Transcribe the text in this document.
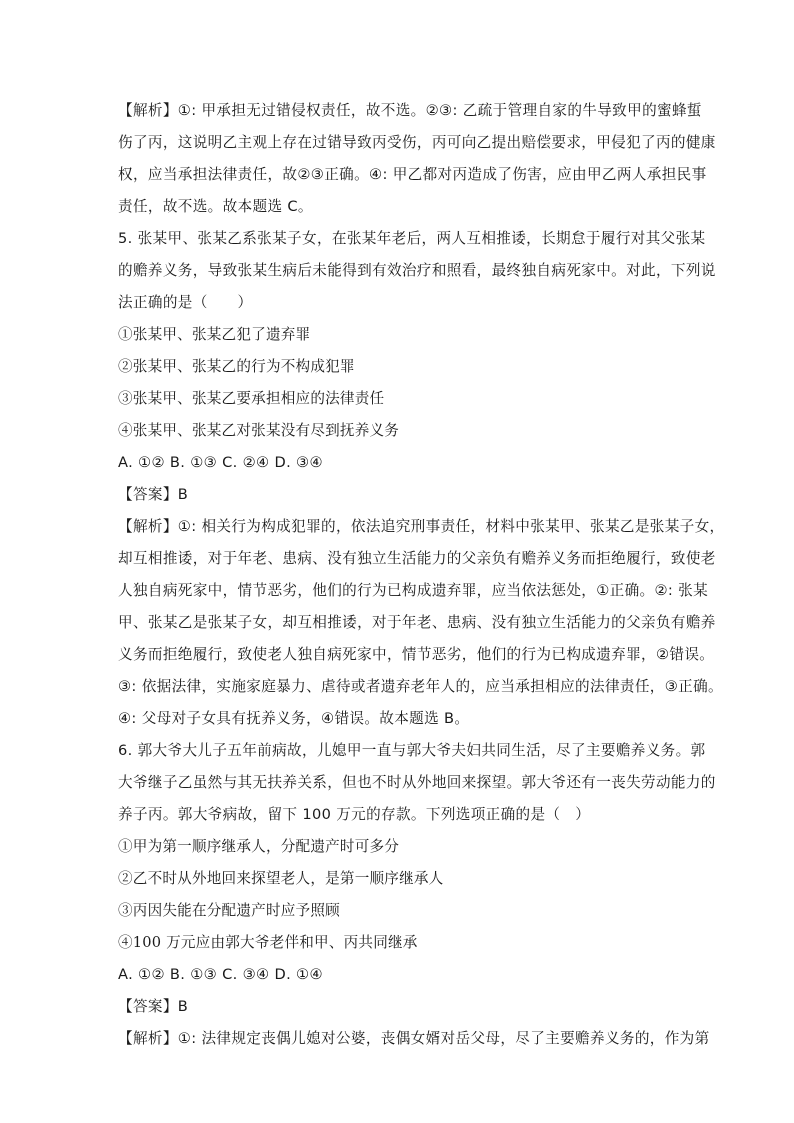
【解析】①: 甲承担无过错侵权责任，故不选。②③: 乙疏于管理自家的牛导致甲的蜜蜂蜇
伤了丙，这说明乙主观上存在过错导致丙受伤，丙可向乙提出赔偿要求，甲侵犯了丙的健康
权，应当承担法律责任，故②③正确。④: 甲乙都对丙造成了伤害，应由甲乙两人承担民事
责任，故不选。故本题选 C。
5. 张某甲、张某乙系张某子女，在张某年老后，两人互相推诿，长期怠于履行对其父张某
的赡养义务，导致张某生病后未能得到有效治疗和照看，最终独自病死家中。对此，下列说
法正确的是（　　）
①张某甲、张某乙犯了遗弃罪
②张某甲、张某乙的行为不构成犯罪
③张某甲、张某乙要承担相应的法律责任
④张某甲、张某乙对张某没有尽到抚养义务
A. ①② B. ①③ C. ②④ D. ③④
【答案】B
【解析】①: 相关行为构成犯罪的，依法追究刑事责任，材料中张某甲、张某乙是张某子女，
却互相推诿，对于年老、患病、没有独立生活能力的父亲负有赡养义务而拒绝履行，致使老
人独自病死家中，情节恶劣，他们的行为已构成遗弃罪，应当依法惩处，①正确。②: 张某
甲、张某乙是张某子女，却互相推诿，对于年老、患病、没有独立生活能力的父亲负有赡养
义务而拒绝履行，致使老人独自病死家中，情节恶劣，他们的行为已构成遗弃罪，②错误。
③: 依据法律，实施家庭暴力、虐待或者遗弃老年人的，应当承担相应的法律责任，③正确。
④: 父母对子女具有抚养义务，④错误。故本题选 B。
6. 郭大爷大儿子五年前病故，儿媳甲一直与郭大爷夫妇共同生活，尽了主要赡养义务。郭
大爷继子乙虽然与其无扶养关系，但也不时从外地回来探望。郭大爷还有一丧失劳动能力的
养子丙。郭大爷病故，留下 100 万元的存款。下列选项正确的是（　）
①甲为第一顺序继承人，分配遗产时可多分
②乙不时从外地回来探望老人，是第一顺序继承人
③丙因失能在分配遗产时应予照顾
④100 万元应由郭大爷老伴和甲、丙共同继承
A. ①② B. ①③ C. ③④ D. ①④
【答案】B
【解析】①: 法律规定丧偶儿媳对公婆，丧偶女婿对岳父母，尽了主要赡养义务的，作为第
